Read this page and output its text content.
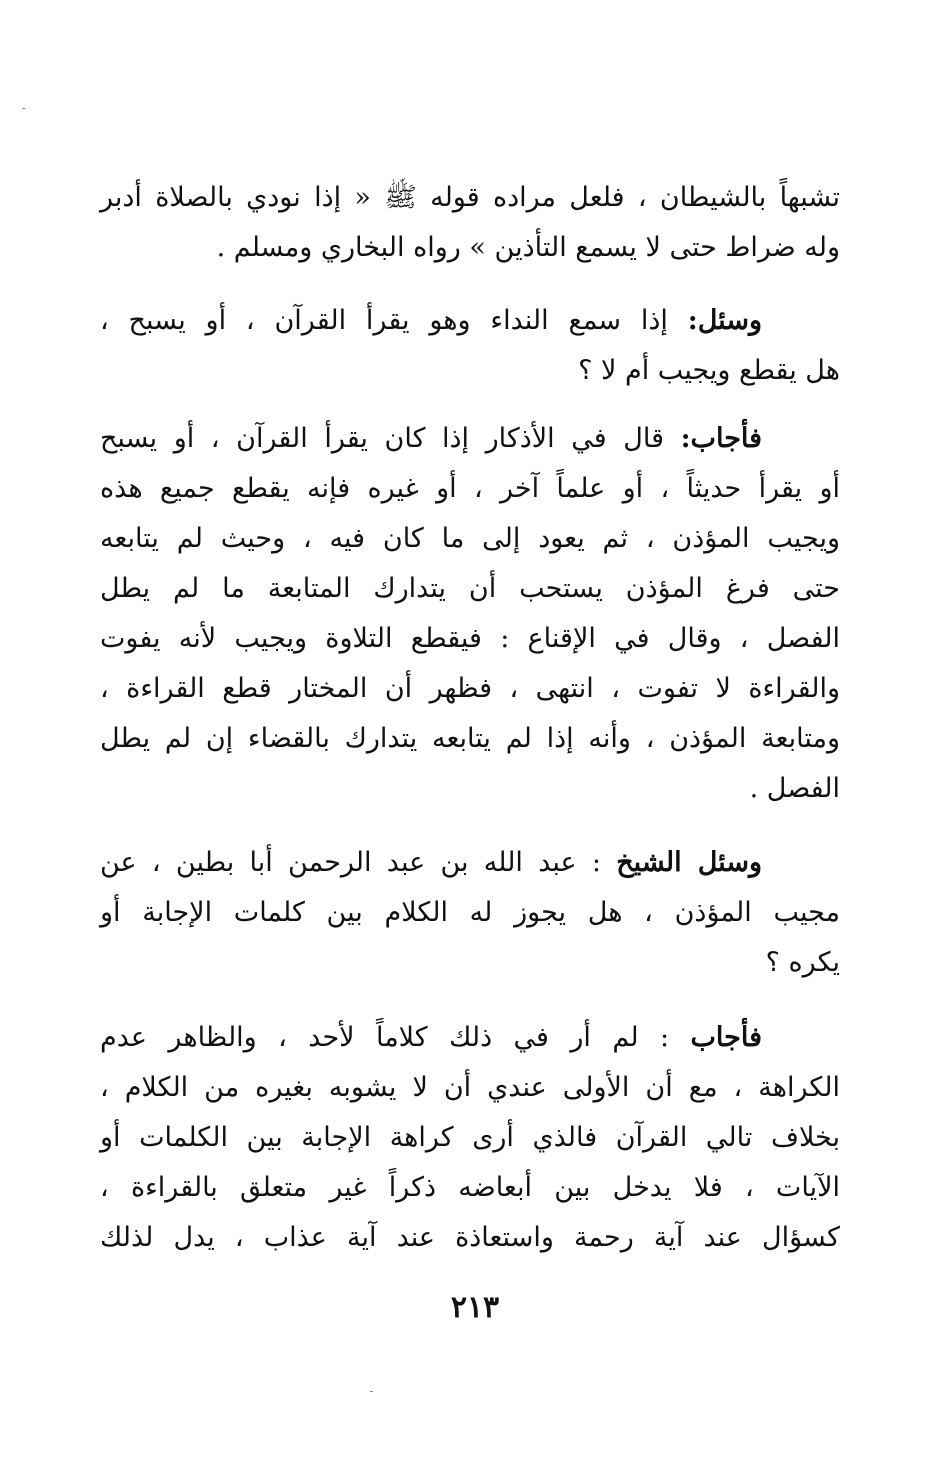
تشبهاً بالشيطان ، فلعل مراده قوله ﷺ « إذا نودي بالصلاة أدبر
وله ضراط حتى لا يسمع التأذين » رواه البخاري ومسلم .
وسئل: إذا سمع النداء وهو يقرأ القرآن ، أو يسبح ،
هل يقطع ويجيب أم لا ؟
فأجاب: قال في الأذكار إذا كان يقرأ القرآن ، أو يسبح
أو يقرأ حديثاً ، أو علماً آخر ، أو غيره فإنه يقطع جميع هذه
ويجيب المؤذن ، ثم يعود إلى ما كان فيه ، وحيث لم يتابعه
حتى فرغ المؤذن يستحب أن يتدارك المتابعة ما لم يطل
الفصل ، وقال في الإقناع : فيقطع التلاوة ويجيب لأنه يفوت
والقراءة لا تفوت ، انتهى ، فظهر أن المختار قطع القراءة ،
ومتابعة المؤذن ، وأنه إذا لم يتابعه يتدارك بالقضاء إن لم يطل
الفصل .
وسئل الشيخ : عبد الله بن عبد الرحمن أبا بطين ، عن
مجيب المؤذن ، هل يجوز له الكلام بين كلمات الإجابة أو
يكره ؟
فأجاب : لم أر في ذلك كلاماً لأحد ، والظاهر عدم
الكراهة ، مع أن الأولى عندي أن لا يشوبه بغيره من الكلام ،
بخلاف تالي القرآن فالذي أرى كراهة الإجابة بين الكلمات أو
الآيات ، فلا يدخل بين أبعاضه ذكراً غير متعلق بالقراءة ،
كسؤال عند آية رحمة واستعاذة عند آية عذاب ، يدل لذلك
٢١٣
